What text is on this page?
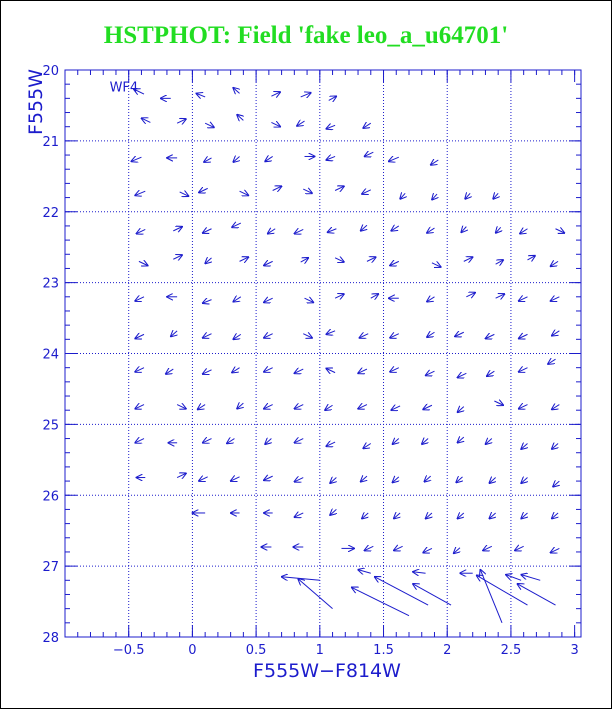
HSTPHOT: Field 'fake leo_a_u64701'
−0.5	0	0.5	1	1.5	2	2.5	3
20
21
22
23
24
25
26
27
28
WF4
F555W−F814W
F555W
